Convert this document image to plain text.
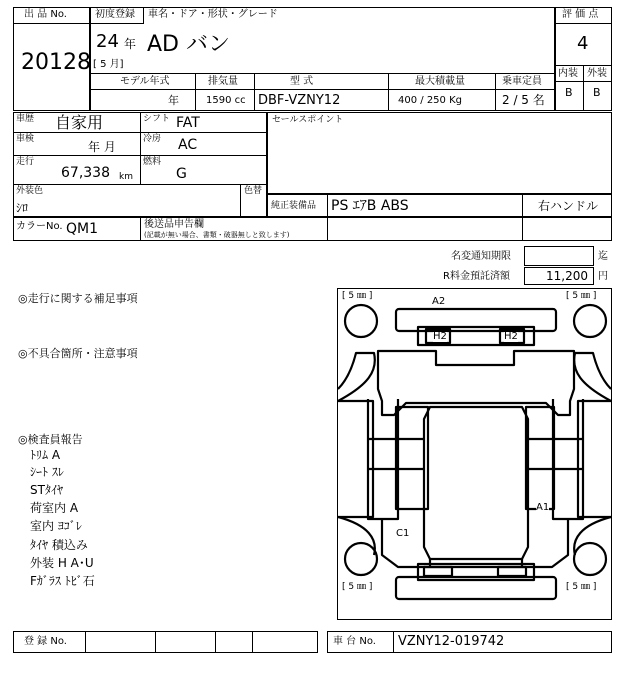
出 品 No.
20128
初度登録 車名・ドア・形状・グレード
24 年
[ 5 月]
AD バン
モデル年式	排気量	型 式	最大積載量	乗車定員
年	1590 cc DBF-VZNY12	400 / 250 Kg	2 / 5 名
評 価 点
4
内装 外装
B B
車歴 自家用	シフト FAT
車検
年 月
冷房 AC
走行
67,338 km
燃料
G
外装色
ｼﾛ
色替
セールスポイント
純正装備品 PS ｴｱB ABS	右ハンドル
カラーNo. QM1	後送品申告欄
(記載が無い場合、書類・破器無しと致します)
名変通知期限	迄
R料金預託済額	11,200 円
◎走行に関する補足事項
◎不具合箇所・注意事項
◎検査員報告
ﾄﾘﾑ A
ｼｰﾄ ｽﾚ
STﾀｲﾔ
荷室内 A
室内 ﾖｺﾞﾚ
ﾀｲﾔ 積込み
外装 H A･U
Fｶﾞﾗｽ ﾄﾋﾞ石
[ 5 ㎜ ]	[ 5 ㎜ ]
[ 5 ㎜ ]	[ 5 ㎜ ]
A2
H2	H2
A1
C1
登 録 No.	車 台 No. VZNY12-019742
